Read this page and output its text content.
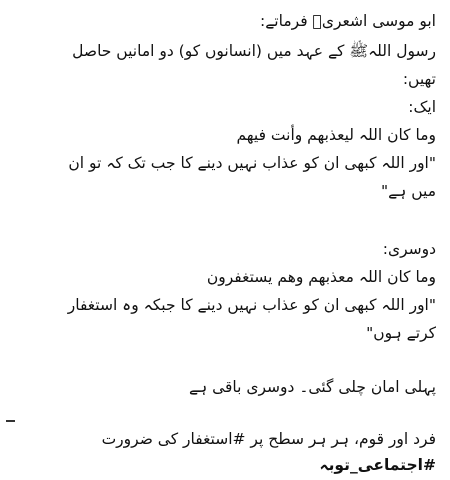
ابو موسی اشعریؓ فرماتے:
رسول اللہﷺ کے عہد میں (انسانوں کو) دو امانیں حاصل
تھیں:
ایک:
وما کان اللہ لیعذبھم وأنت فیھم
"اور اللہ کبھی ان کو عذاب نہیں دینے کا جب تک کہ تو ان
میں ہے"
دوسری:
وما کان اللہ معذبھم وھم یستغفرون
"اور اللہ کبھی ان کو عذاب نہیں دینے کا جبکہ وہ استغفار
کرتے ہوں"
پہلی امان چلی گئی۔ دوسری باقی ہے
فرد اور قوم، ہر ہر سطح پر #استغفار کی ضرورت
#اجتماعی_توبہ
